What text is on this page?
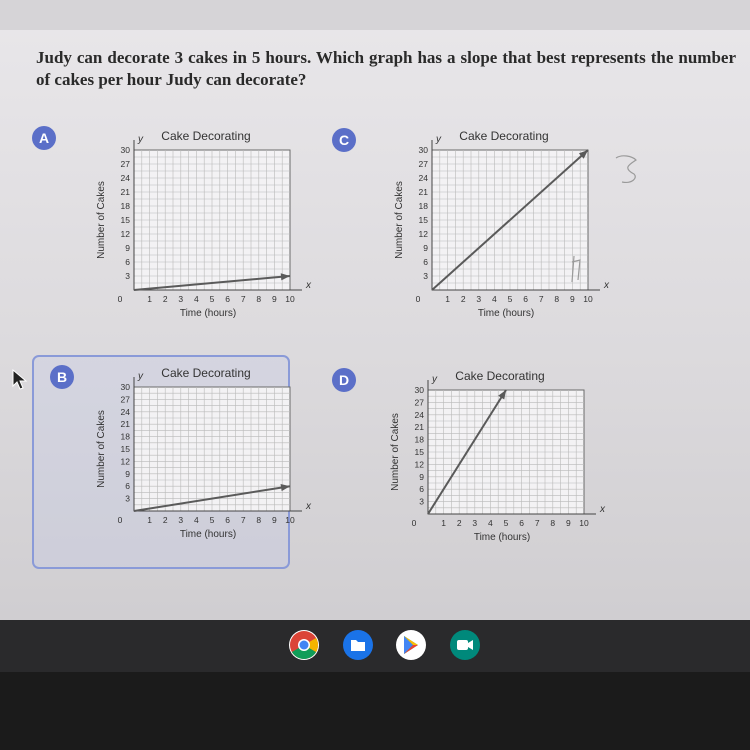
Judy can decorate 3 cakes in 5 hours. Which graph has a slope that best represents the number of cakes per hour Judy can decorate?

A	Cake Decorating
x
y
3
6
9
12
15
18
21
24
27
30
0	1 2 3 4 5 6 7 8 9 10
Time (hours)
Number of Cakes
C	Cake Decorating
x
y
3
6
9
12
15
18
21
24
27
30
0	1 2 3 4 5 6 7 8 9 10
Time (hours)
Number of Cakes
B	Cake Decorating
x
y
3
6
9
12
15
18
21
24
27
30
0	1 2 3 4 5 6 7 8 9 10
Time (hours)
Number of Cakes
D	Cake Decorating
x
y
3
6
9
12
15
18
21
24
27
30
0	1 2 3 4 5 6 7 8 9 10
Time (hours)
Number of Cakes
